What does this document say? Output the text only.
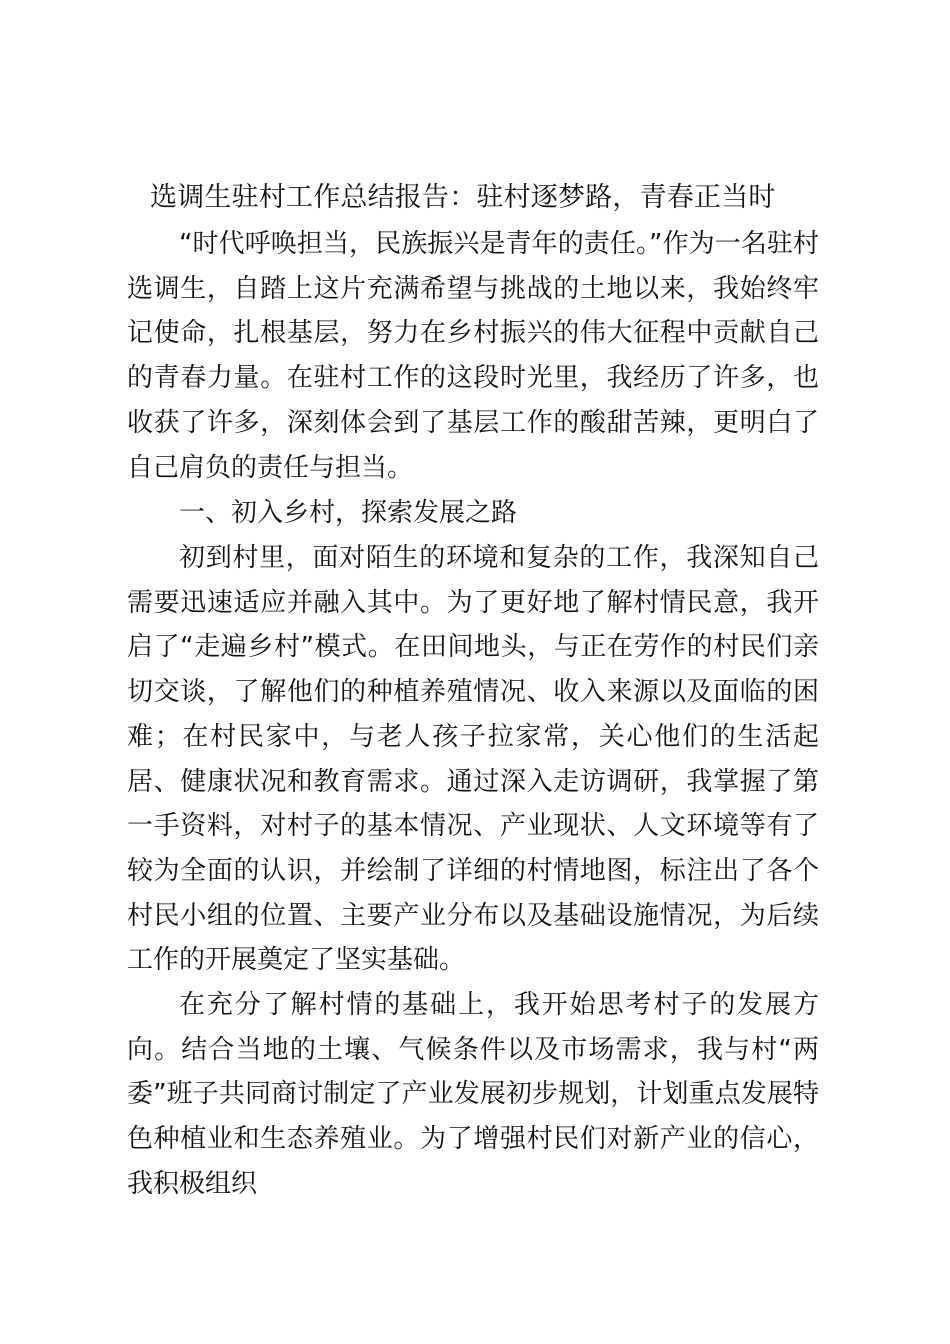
选调生驻村工作总结报告：驻村逐梦路，青春正当时

“时代呼唤担当，民族振兴是青年的责任。”作为一名驻村选调生，自踏上这片充满希望与挑战的土地以来，我始终牢记使命，扎根基层，努力在乡村振兴的伟大征程中贡献自己的青春力量。在驻村工作的这段时光里，我经历了许多，也收获了许多，深刻体会到了基层工作的酸甜苦辣，更明白了自己肩负的责任与担当。

一、初入乡村，探索发展之路

初到村里，面对陌生的环境和复杂的工作，我深知自己需要迅速适应并融入其中。为了更好地了解村情民意，我开启了“走遍乡村”模式。在田间地头，与正在劳作的村民们亲切交谈，了解他们的种植养殖情况、收入来源以及面临的困难；在村民家中，与老人孩子拉家常，关心他们的生活起居、健康状况和教育需求。通过深入走访调研，我掌握了第一手资料，对村子的基本情况、产业现状、人文环境等有了较为全面的认识，并绘制了详细的村情地图，标注出了各个村民小组的位置、主要产业分布以及基础设施情况，为后续工作的开展奠定了坚实基础。

在充分了解村情的基础上，我开始思考村子的发展方向。结合当地的土壤、气候条件以及市场需求，我与村“两委”班子共同商讨制定了产业发展初步规划，计划重点发展特色种植业和生态养殖业。为了增强村民们对新产业的信心，我积极组织
